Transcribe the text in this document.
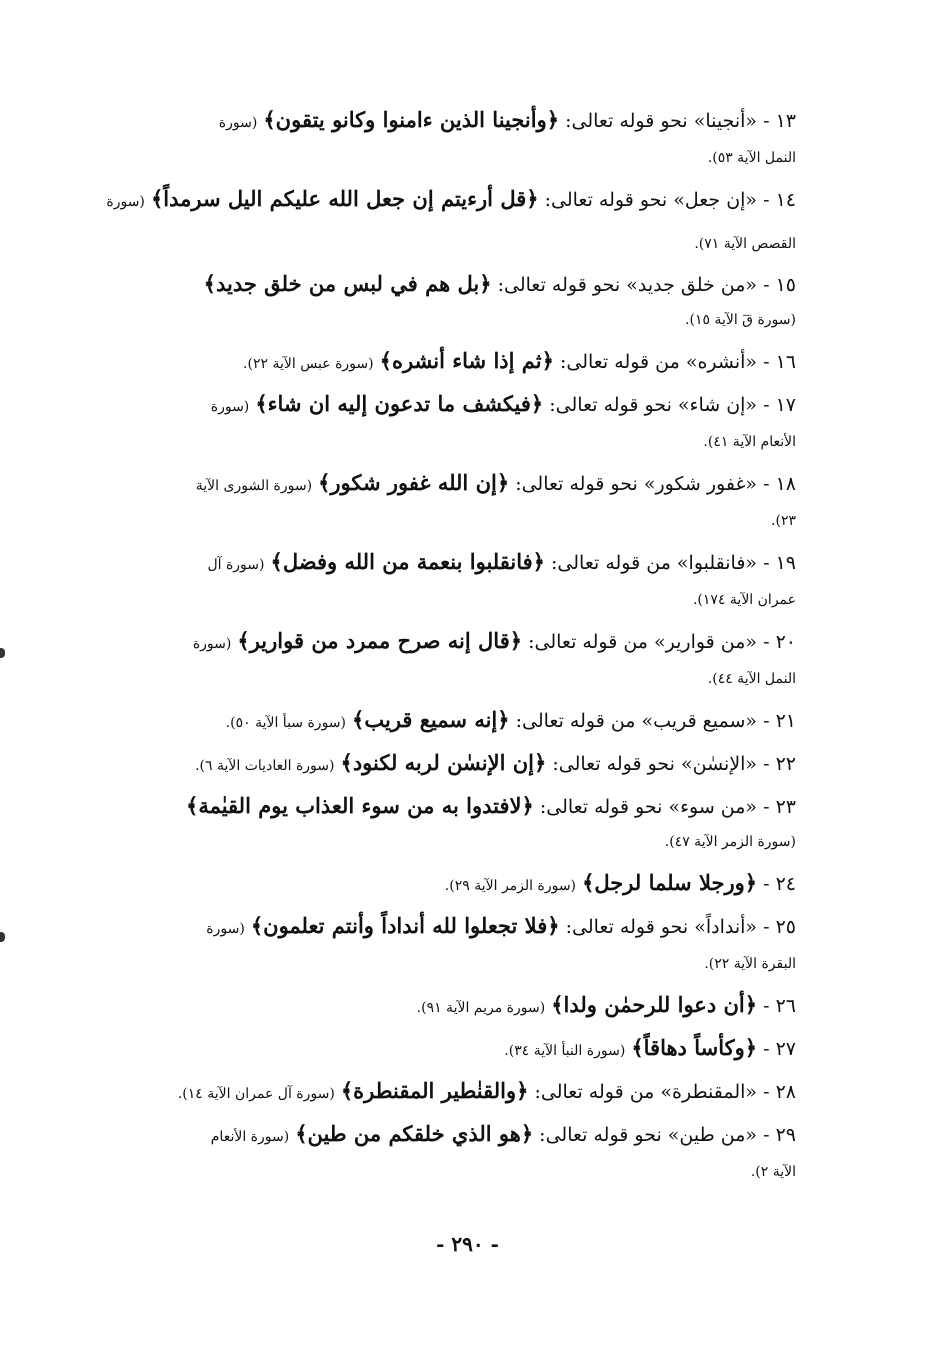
١٣ - «أنجينا» نحو قوله تعالى: ﴿وأنجينا الذين ءامنوا وكانو يتقون﴾ (سورة
النمل الآية ٥٣).
١٤ - «إن جعل» نحو قوله تعالى: ﴿قل أرءيتم إن جعل الله عليكم اليل سرمداً﴾ (سورة القصص الآية ٧١).
١٥ - «من خلق جديد» نحو قوله تعالى: ﴿بل هم في لبس من خلق جديد﴾
(سورة قٓ الآية ١٥).
١٦ - «أنشره» من قوله تعالى: ﴿ثم إذا شاء أنشره﴾ (سورة عبس الآية ٢٢).
١٧ - «إن شاء» نحو قوله تعالى: ﴿فيكشف ما تدعون إليه ان شاء﴾ (سورة
الأنعام الآية ٤١).
١٨ - «غفور شكور» نحو قوله تعالى: ﴿إن الله غفور شكور﴾ (سورة الشورى الآية
٢٣).
١٩ - «فانقلبوا» من قوله تعالى: ﴿فانقلبوا بنعمة من الله وفضل﴾ (سورة آل
عمران الآية ١٧٤).
٢٠ - «من قوارير» من قوله تعالى: ﴿قال إنه صرح ممرد من قوارير﴾ (سورة
النمل الآية ٤٤).
٢١ - «سميع قريب» من قوله تعالى: ﴿إنه سميع قريب﴾ (سورة سبأ الآية ٥٠).
٢٢ - «الإنسٰن» نحو قوله تعالى: ﴿إن الإنسٰن لربه لكنود﴾ (سورة العاديات الآية ٦).
٢٣ - «من سوء» نحو قوله تعالى: ﴿لافتدوا به من سوء العذاب يوم القيٰمة﴾
(سورة الزمر الآية ٤٧).
٢٤ - ﴿ورجلا سلما لرجل﴾ (سورة الزمر الآية ٢٩).
٢٥ - «أنداداً» نحو قوله تعالى: ﴿فلا تجعلوا لله أنداداً وأنتم تعلمون﴾ (سورة
البقرة الآية ٢٢).
٢٦ - ﴿أن دعوا للرحمٰن ولدا﴾ (سورة مريم الآية ٩١).
٢٧ - ﴿وكأساً دهاقاً﴾ (سورة النبأ الآية ٣٤).
٢٨ - «المقنطرة» من قوله تعالى: ﴿والقنٰطير المقنطرة﴾ (سورة آل عمران الآية ١٤).
٢٩ - «من طين» نحو قوله تعالى: ﴿هو الذي خلقكم من طين﴾ (سورة الأنعام
الآية ٢).
- ٢٩٠ -
